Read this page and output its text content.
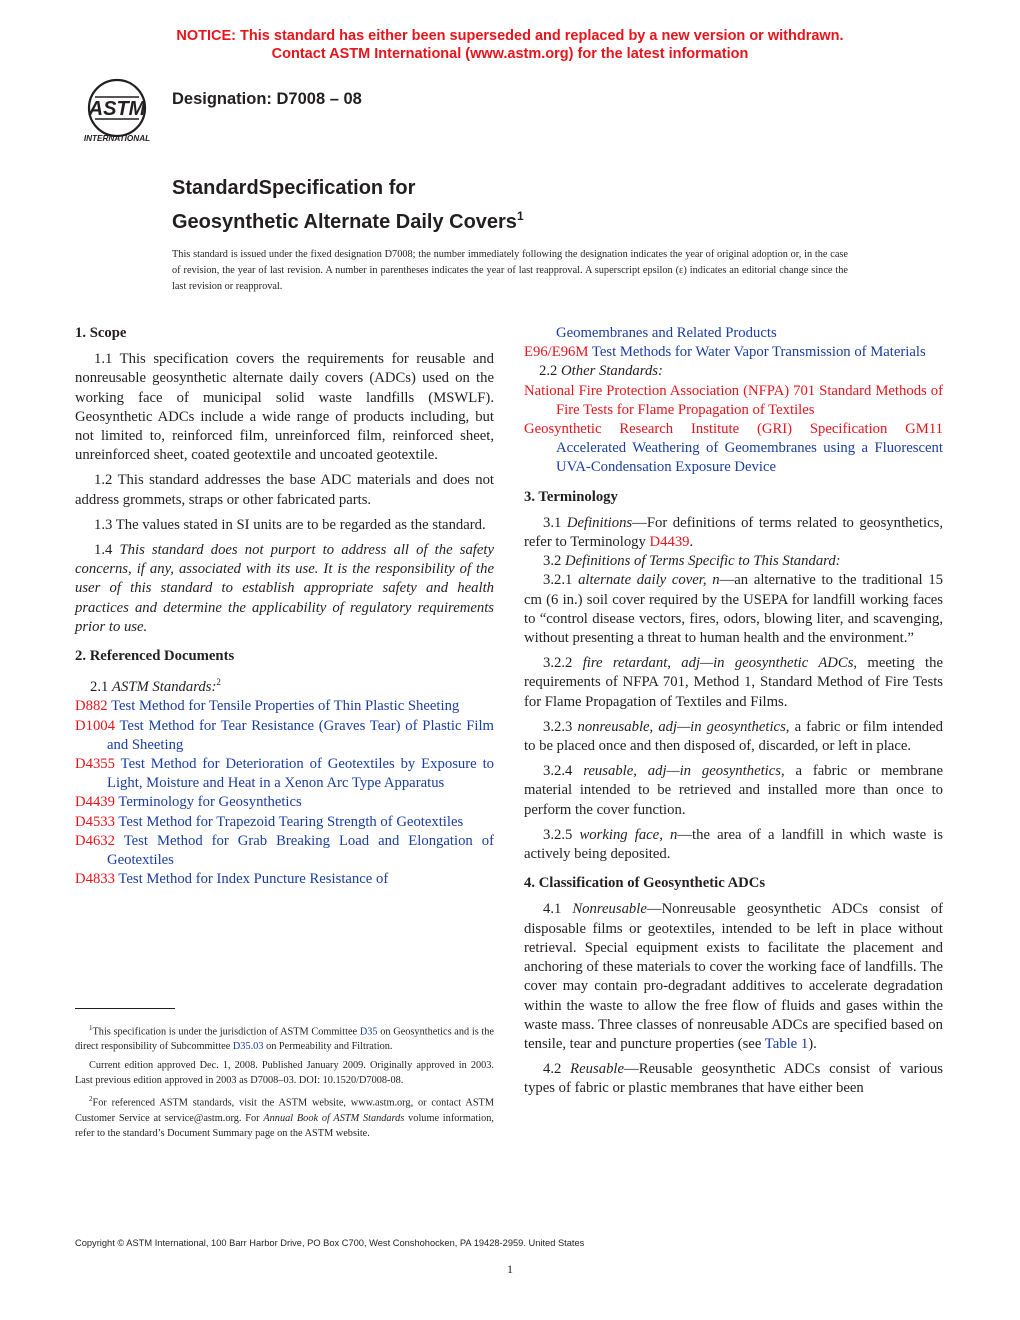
NOTICE: This standard has either been superseded and replaced by a new version or withdrawn.
Contact ASTM International (www.astm.org) for the latest information
ASTM
INTERNATIONAL
Designation: D7008 – 08
StandardSpecification for
Geosynthetic Alternate Daily Covers$^1$
This standard is issued under the fixed designation D7008; the number immediately following the designation indicates the year of original adoption or, in the case of revision, the year of last revision. A number in parentheses indicates the year of last reapproval. A superscript epsilon (ε) indicates an editorial change since the last revision or reapproval.
1. Scope

1.1 This specification covers the requirements for reusable and nonreusable geosynthetic alternate daily covers (ADCs) used on the working face of municipal solid waste landfills (MSWLF). Geosynthetic ADCs include a wide range of products including, but not limited to, reinforced film, unreinforced film, reinforced sheet, unreinforced sheet, coated geotextile and uncoated geotextile.

1.2 This standard addresses the base ADC materials and does not address grommets, straps or other fabricated parts.

1.3 The values stated in SI units are to be regarded as the standard.

1.4 This standard does not purport to address all of the safety concerns, if any, associated with its use. It is the responsibility of the user of this standard to establish appropriate safety and health practices and determine the applicability of regulatory requirements prior to use.

2. Referenced Documents
2.1 ASTM Standards:$^2$
D882 Test Method for Tensile Properties of Thin Plastic Sheeting
D1004 Test Method for Tear Resistance (Graves Tear) of Plastic Film and Sheeting
D4355 Test Method for Deterioration of Geotextiles by Exposure to Light, Moisture and Heat in a Xenon Arc Type Apparatus
D4439 Terminology for Geosynthetics
D4533 Test Method for Trapezoid Tearing Strength of Geotextiles
D4632 Test Method for Grab Breaking Load and Elongation of Geotextiles
D4833 Test Method for Index Puncture Resistance of

$^1$This specification is under the jurisdiction of ASTM Committee D35 on Geosynthetics and is the direct responsibility of Subcommittee D35.03 on Permeability and Filtration.

Current edition approved Dec. 1, 2008. Published January 2009. Originally approved in 2003. Last previous edition approved in 2003 as D7008–03. DOI: 10.1520/D7008-08.

$^2$For referenced ASTM standards, visit the ASTM website, www.astm.org, or contact ASTM Customer Service at service@astm.org. For Annual Book of ASTM Standards volume information, refer to the standard’s Document Summary page on the ASTM website.

Geomembranes and Related Products
E96/E96M Test Methods for Water Vapor Transmission of Materials
2.2 Other Standards:
National Fire Protection Association (NFPA) 701 Standard Methods of Fire Tests for Flame Propagation of Textiles
Geosynthetic Research Institute (GRI) Specification GM11 Accelerated Weathering of Geomembranes using a Fluorescent UVA-Condensation Exposure Device
3. Terminology

3.1 Definitions—For definitions of terms related to geosynthetics, refer to Terminology D4439.

3.2 Definitions of Terms Specific to This Standard:

3.2.1 alternate daily cover, n—an alternative to the traditional 15 cm (6 in.) soil cover required by the USEPA for landfill working faces to “control disease vectors, fires, odors, blowing liter, and scavenging, without presenting a threat to human health and the environment.”

3.2.2 fire retardant, adj—in geosynthetic ADCs, meeting the requirements of NFPA 701, Method 1, Standard Method of Fire Tests for Flame Propagation of Textiles and Films.

3.2.3 nonreusable, adj—in geosynthetics, a fabric or film intended to be placed once and then disposed of, discarded, or left in place.

3.2.4 reusable, adj—in geosynthetics, a fabric or membrane material intended to be retrieved and installed more than once to perform the cover function.

3.2.5 working face, n—the area of a landfill in which waste is actively being deposited.

4. Classification of Geosynthetic ADCs

4.1 Nonreusable—Nonreusable geosynthetic ADCs consist of disposable films or geotextiles, intended to be left in place without retrieval. Special equipment exists to facilitate the placement and anchoring of these materials to cover the working face of landfills. The cover may contain pro-degradant additives to accelerate degradation within the waste to allow the free flow of fluids and gases within the waste mass. Three classes of nonreusable ADCs are specified based on tensile, tear and puncture properties (see Table 1).

4.2 Reusable—Reusable geosynthetic ADCs consist of various types of fabric or plastic membranes that have either been

Copyright © ASTM International, 100 Barr Harbor Drive, PO Box C700, West Conshohocken, PA 19428-2959. United States
1
